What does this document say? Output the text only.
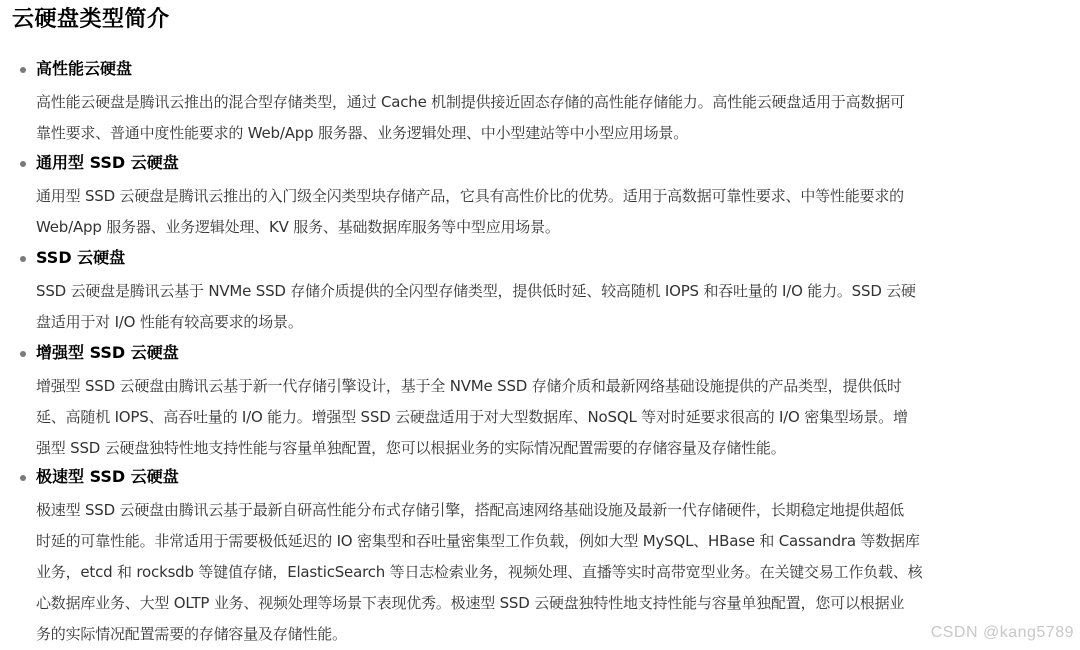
云硬盘类型简介
高性能云硬盘
高性能云硬盘是腾讯云推出的混合型存储类型，通过 Cache 机制提供接近固态存储的高性能存储能力。高性能云硬盘适用于高数据可
靠性要求、普通中度性能要求的 Web/App 服务器、业务逻辑处理、中小型建站等中小型应用场景。
通用型 SSD 云硬盘
通用型 SSD 云硬盘是腾讯云推出的入门级全闪类型块存储产品，它具有高性价比的优势。适用于高数据可靠性要求、中等性能要求的
Web/App 服务器、业务逻辑处理、KV 服务、基础数据库服务等中型应用场景。
SSD 云硬盘
SSD 云硬盘是腾讯云基于 NVMe SSD 存储介质提供的全闪型存储类型，提供低时延、较高随机 IOPS 和吞吐量的 I/O 能力。SSD 云硬
盘适用于对 I/O 性能有较高要求的场景。
增强型 SSD 云硬盘
增强型 SSD 云硬盘由腾讯云基于新一代存储引擎设计，基于全 NVMe SSD 存储介质和最新网络基础设施提供的产品类型，提供低时
延、高随机 IOPS、高吞吐量的 I/O 能力。增强型 SSD 云硬盘适用于对大型数据库、NoSQL 等对时延要求很高的 I/O 密集型场景。增
强型 SSD 云硬盘独特性地支持性能与容量单独配置，您可以根据业务的实际情况配置需要的存储容量及存储性能。
极速型 SSD 云硬盘
极速型 SSD 云硬盘由腾讯云基于最新自研高性能分布式存储引擎，搭配高速网络基础设施及最新一代存储硬件，长期稳定地提供超低
时延的可靠性能。非常适用于需要极低延迟的 IO 密集型和吞吐量密集型工作负载，例如大型 MySQL、HBase 和 Cassandra 等数据库
业务，etcd 和 rocksdb 等键值存储，ElasticSearch 等日志检索业务，视频处理、直播等实时高带宽型业务。在关键交易工作负载、核
心数据库业务、大型 OLTP 业务、视频处理等场景下表现优秀。极速型 SSD 云硬盘独特性地支持性能与容量单独配置，您可以根据业
务的实际情况配置需要的存储容量及存储性能。	CSDN @kang5789
